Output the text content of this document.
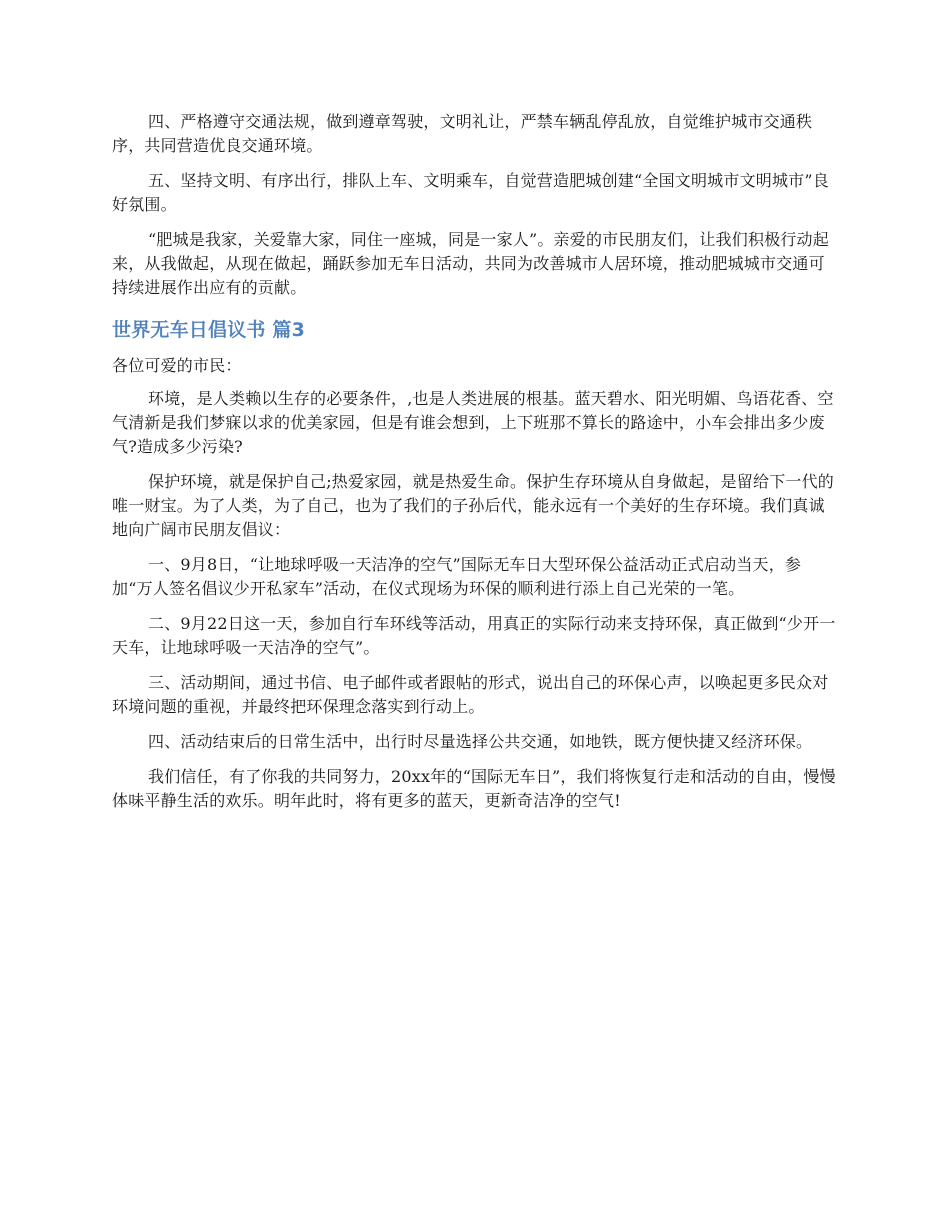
四、严格遵守交通法规，做到遵章驾驶，文明礼让，严禁车辆乱停乱放，自觉维护城市交通秩序，共同营造优良交通环境。

五、坚持文明、有序出行，排队上车、文明乘车，自觉营造肥城创建“全国文明城市文明城市”良好氛围。

“肥城是我家，关爱靠大家，同住一座城，同是一家人”。亲爱的市民朋友们，让我们积极行动起来，从我做起，从现在做起，踊跃参加无车日活动，共同为改善城市人居环境，推动肥城城市交通可持续进展作出应有的贡献。

世界无车日倡议书 篇3

各位可爱的市民：

环境，是人类赖以生存的必要条件，,也是人类进展的根基。蓝天碧水、阳光明媚、鸟语花香、空气清新是我们梦寐以求的优美家园，但是有谁会想到，上下班那不算长的路途中，小车会排出多少废气?造成多少污染?

保护环境，就是保护自己;热爱家园，就是热爱生命。保护生存环境从自身做起，是留给下一代的唯一财宝。为了人类，为了自己，也为了我们的子孙后代，能永远有一个美好的生存环境。我们真诚地向广阔市民朋友倡议：

一、9月8日，“让地球呼吸一天洁净的空气”国际无车日大型环保公益活动正式启动当天，参加“万人签名倡议少开私家车”活动，在仪式现场为环保的顺利进行添上自己光荣的一笔。

二、9月22日这一天，参加自行车环线等活动，用真正的实际行动来支持环保，真正做到“少开一天车，让地球呼吸一天洁净的空气”。

三、活动期间，通过书信、电子邮件或者跟帖的形式，说出自己的环保心声，以唤起更多民众对环境问题的重视，并最终把环保理念落实到行动上。

四、活动结束后的日常生活中，出行时尽量选择公共交通，如地铁，既方便快捷又经济环保。

我们信任，有了你我的共同努力，20xx年的“国际无车日”，我们将恢复行走和活动的自由，慢慢体味平静生活的欢乐。明年此时，将有更多的蓝天，更新奇洁净的空气!
